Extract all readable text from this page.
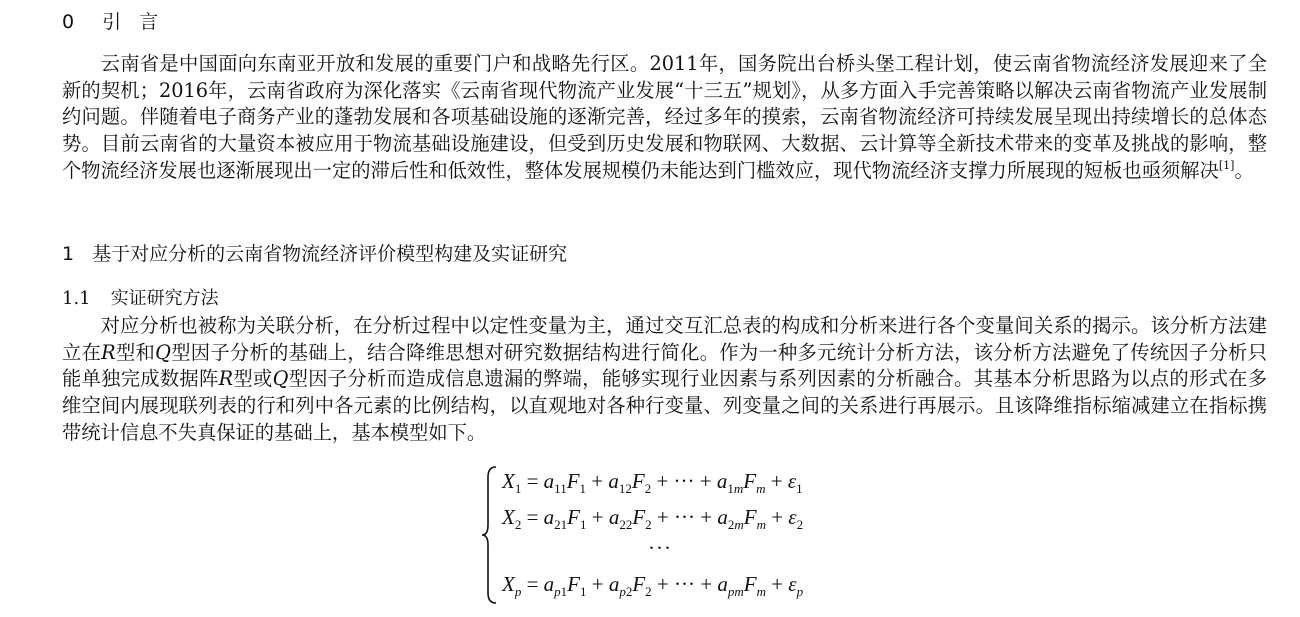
0 引 言

云南省是中国面向东南亚开放和发展的重要门户和战略先行区。2011年，国务院出台桥头堡工程计划，使云南省物流经济发展迎来了全新的契机；2016年，云南省政府为深化落实《云南省现代物流产业发展“十三五”规划》，从多方面入手完善策略以解决云南省物流产业发展制约问题。伴随着电子商务产业的蓬勃发展和各项基础设施的逐渐完善，经过多年的摸索，云南省物流经济可持续发展呈现出持续增长的总体态势。目前云南省的大量资本被应用于物流基础设施建设，但受到历史发展和物联网、大数据、云计算等全新技术带来的变革及挑战的影响，整个物流经济发展也逐渐展现出一定的滞后性和低效性，整体发展规模仍未能达到门槛效应，现代物流经济支撑力所展现的短板也亟须解决[1]。

1 基于对应分析的云南省物流经济评价模型构建及实证研究
1.1 实证研究方法

对应分析也被称为关联分析，在分析过程中以定性变量为主，通过交互汇总表的构成和分析来进行各个变量间关系的揭示。该分析方法建立在R型和Q型因子分析的基础上，结合降维思想对研究数据结构进行简化。作为一种多元统计分析方法，该分析方法避免了传统因子分析只能单独完成数据阵R型或Q型因子分析而造成信息遗漏的弊端，能够实现行业因素与系列因素的分析融合。其基本分析思路为以点的形式在多维空间内展现联列表的行和列中各元素的比例结构，以直观地对各种行变量、列变量之间的关系进行再展示。且该降维指标缩减建立在指标携带统计信息不失真保证的基础上，基本模型如下。

$X_1 = a_{11}F_1 + a_{12}F_2$ + ··· + $a_{1m}F_m + \varepsilon_1$
$X_2 = a_{21}F_1 + a_{22}F_2$ + ··· + $a_{2m}F_m + \varepsilon_2$
···
$X_p = a_{p1}F_1 + a_{p2}F_2$ + ··· + $a_{pm}F_m + \varepsilon_p$
